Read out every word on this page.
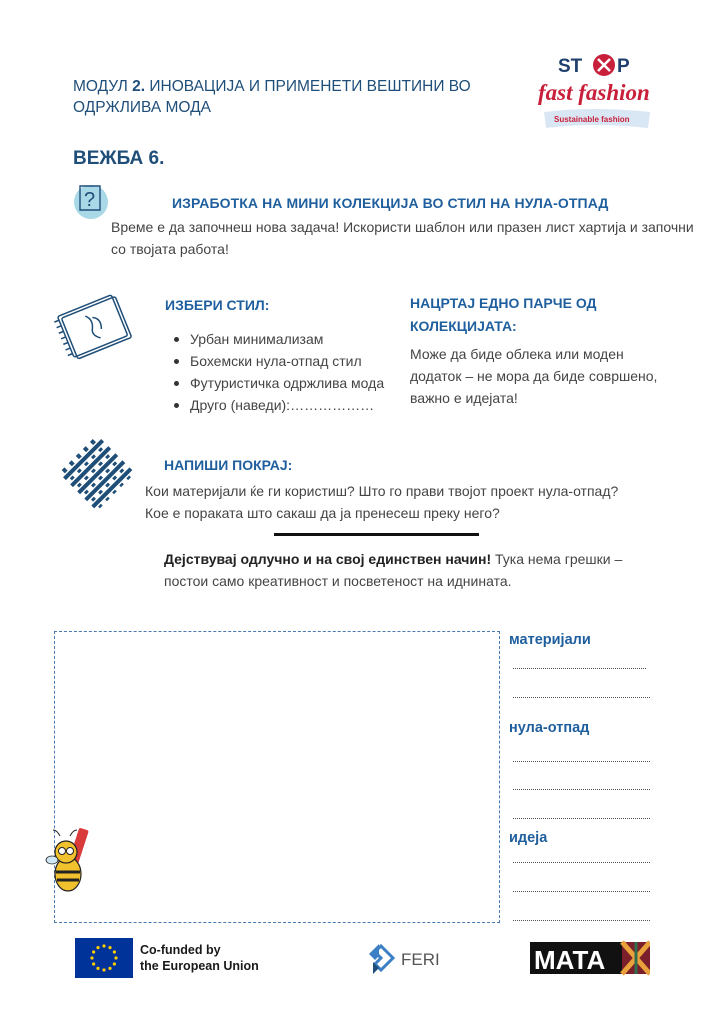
МОДУЛ 2. ИНОВАЦИЈА И ПРИМЕНЕТИ ВЕШТИНИ ВО ОДРЖЛИВА МОДА
ST P
fast fashion
Sustainable fashion
ВЕЖБА 6.
?	ИЗРАБОТКА НА МИНИ КОЛЕКЦИЈА ВО СТИЛ НА НУЛА-ОТПАД
Време е да започнеш нова задача! Искористи шаблон или празен лист хартија и започни со твојата работа!
ИЗБЕРИ СТИЛ:
Урбан минимализам
Бохемски нула-отпад стил
Футуристичка одржлива мода
Друго (наведи):………………
НАЦРТАЈ ЕДНО ПАРЧЕ ОД КОЛЕКЦИЈАТА:
Може да биде облека или моден додаток – не мора да биде совршено, важно е идејата!
НАПИШИ ПОКРАЈ:
Кои материјали ќе ги користиш? Што го прави твојот проект нула-отпад? Кое е пораката што сакаш да ја пренесеш преку него?
Дејствувај одлучно и на свој единствен начин! Тука нема грешки – постои само креативност и посветеност на иднината.
материјали
нула-отпад
идеја
Co-funded by
the European Union	FERI	MATA
